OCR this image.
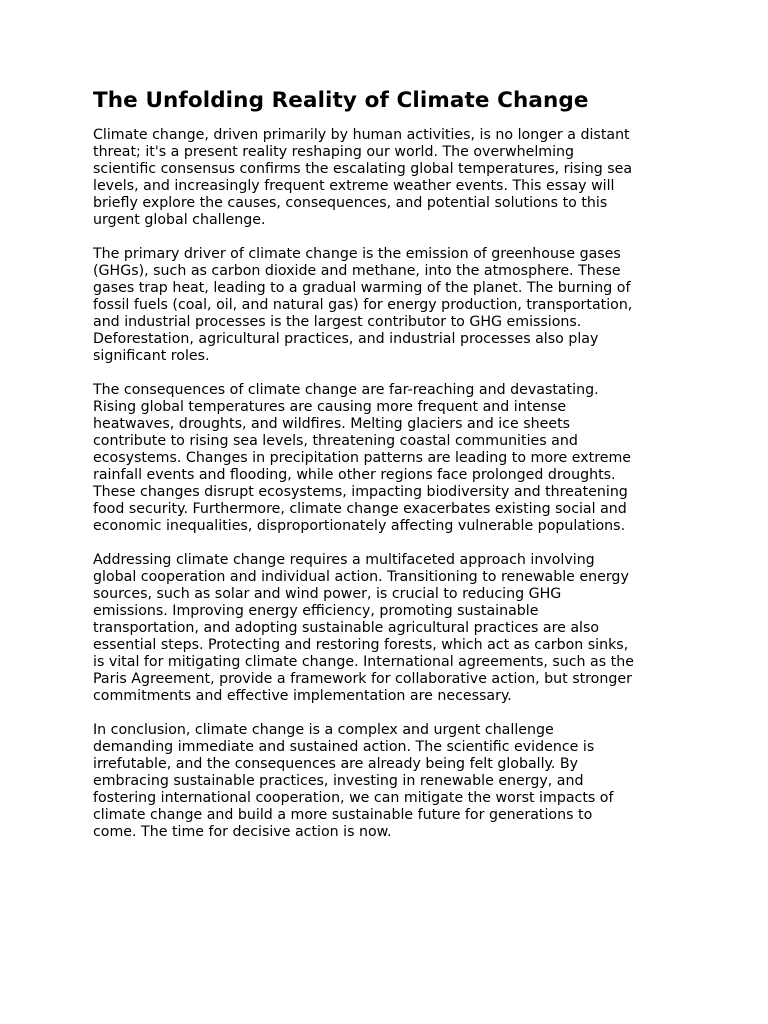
The Unfolding Reality of Climate Change

Climate change, driven primarily by human activities, is no longer a distant threat; it's a present reality reshaping our world. The overwhelming scientific consensus confirms the escalating global temperatures, rising sea levels, and increasingly frequent extreme weather events. This essay will briefly explore the causes, consequences, and potential solutions to this urgent global challenge.

The primary driver of climate change is the emission of greenhouse gases (GHGs), such as carbon dioxide and methane, into the atmosphere. These gases trap heat, leading to a gradual warming of the planet. The burning of fossil fuels (coal, oil, and natural gas) for energy production, transportation, and industrial processes is the largest contributor to GHG emissions. Deforestation, agricultural practices, and industrial processes also play significant roles.

The consequences of climate change are far-reaching and devastating. Rising global temperatures are causing more frequent and intense heatwaves, droughts, and wildfires. Melting glaciers and ice sheets contribute to rising sea levels, threatening coastal communities and ecosystems. Changes in precipitation patterns are leading to more extreme rainfall events and flooding, while other regions face prolonged droughts. These changes disrupt ecosystems, impacting biodiversity and threatening food security. Furthermore, climate change exacerbates existing social and economic inequalities, disproportionately affecting vulnerable populations.

Addressing climate change requires a multifaceted approach involving global cooperation and individual action. Transitioning to renewable energy sources, such as solar and wind power, is crucial to reducing GHG emissions. Improving energy efficiency, promoting sustainable transportation, and adopting sustainable agricultural practices are also essential steps. Protecting and restoring forests, which act as carbon sinks, is vital for mitigating climate change. International agreements, such as the Paris Agreement, provide a framework for collaborative action, but stronger commitments and effective implementation are necessary.

In conclusion, climate change is a complex and urgent challenge demanding immediate and sustained action. The scientific evidence is irrefutable, and the consequences are already being felt globally. By embracing sustainable practices, investing in renewable energy, and fostering international cooperation, we can mitigate the worst impacts of climate change and build a more sustainable future for generations to come. The time for decisive action is now.
